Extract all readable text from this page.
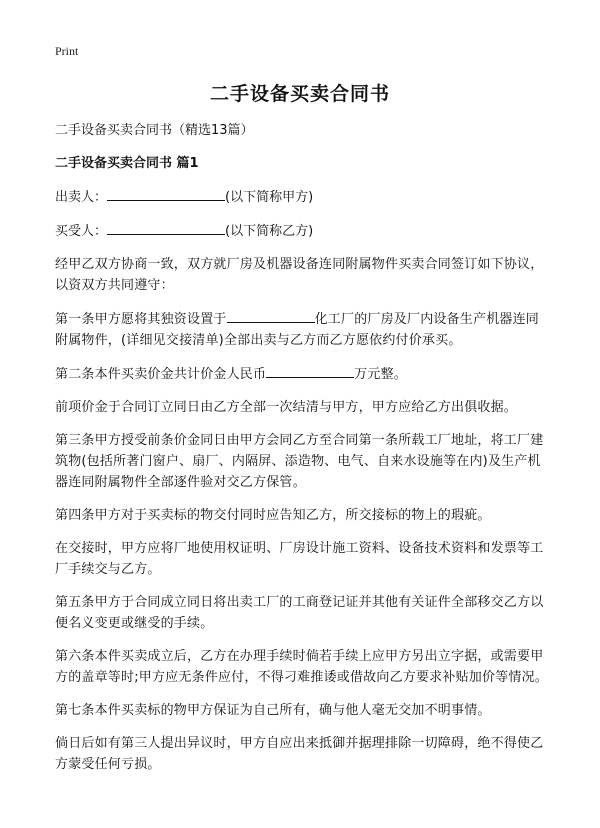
Print
二手设备买卖合同书

二手设备买卖合同书（精选13篇）

二手设备买卖合同书 篇1

出卖人：	(以下简称甲方)

买受人：	(以下简称乙方)

经甲乙双方协商一致，双方就厂房及机器设备连同附属物件买卖合同签订如下协议，以资双方共同遵守：

第一条甲方愿将其独资设置于	化工厂的厂房及厂内设备生产机器连同附属物件，(详细见交接清单)全部出卖与乙方而乙方愿依约付价承买。

第二条本件买卖价金共计价金人民币	万元整。

前项价金于合同订立同日由乙方全部一次结清与甲方，甲方应给乙方出俱收据。

第三条甲方授受前条价金同日由甲方会同乙方至合同第一条所载工厂地址，将工厂建筑物(包括所著门窗户、扇厂、内隔屏、添造物、电气、自来水设施等在内)及生产机器连同附属物件全部逐件验对交乙方保管。

第四条甲方对于买卖标的物交付同时应告知乙方，所交接标的物上的瑕疵。

在交接时，甲方应将厂地使用权证明、厂房设计施工资料、设备技术资料和发票等工厂手续交与乙方。

第五条甲方于合同成立同日将出卖工厂的工商登记证并其他有关证件全部移交乙方以便名义变更或继受的手续。

第六条本件买卖成立后，乙方在办理手续时倘若手续上应甲方另出立字据，或需要甲方的盖章等时;甲方应无条件应付，不得刁难推诿或借故向乙方要求补贴加价等情况。

第七条本件买卖标的物甲方保证为自己所有，确与他人毫无交加不明事情。

倘日后如有第三人提出异议时，甲方自应出来抵御并据理排除一切障碍，绝不得使乙方蒙受任何亏损。
